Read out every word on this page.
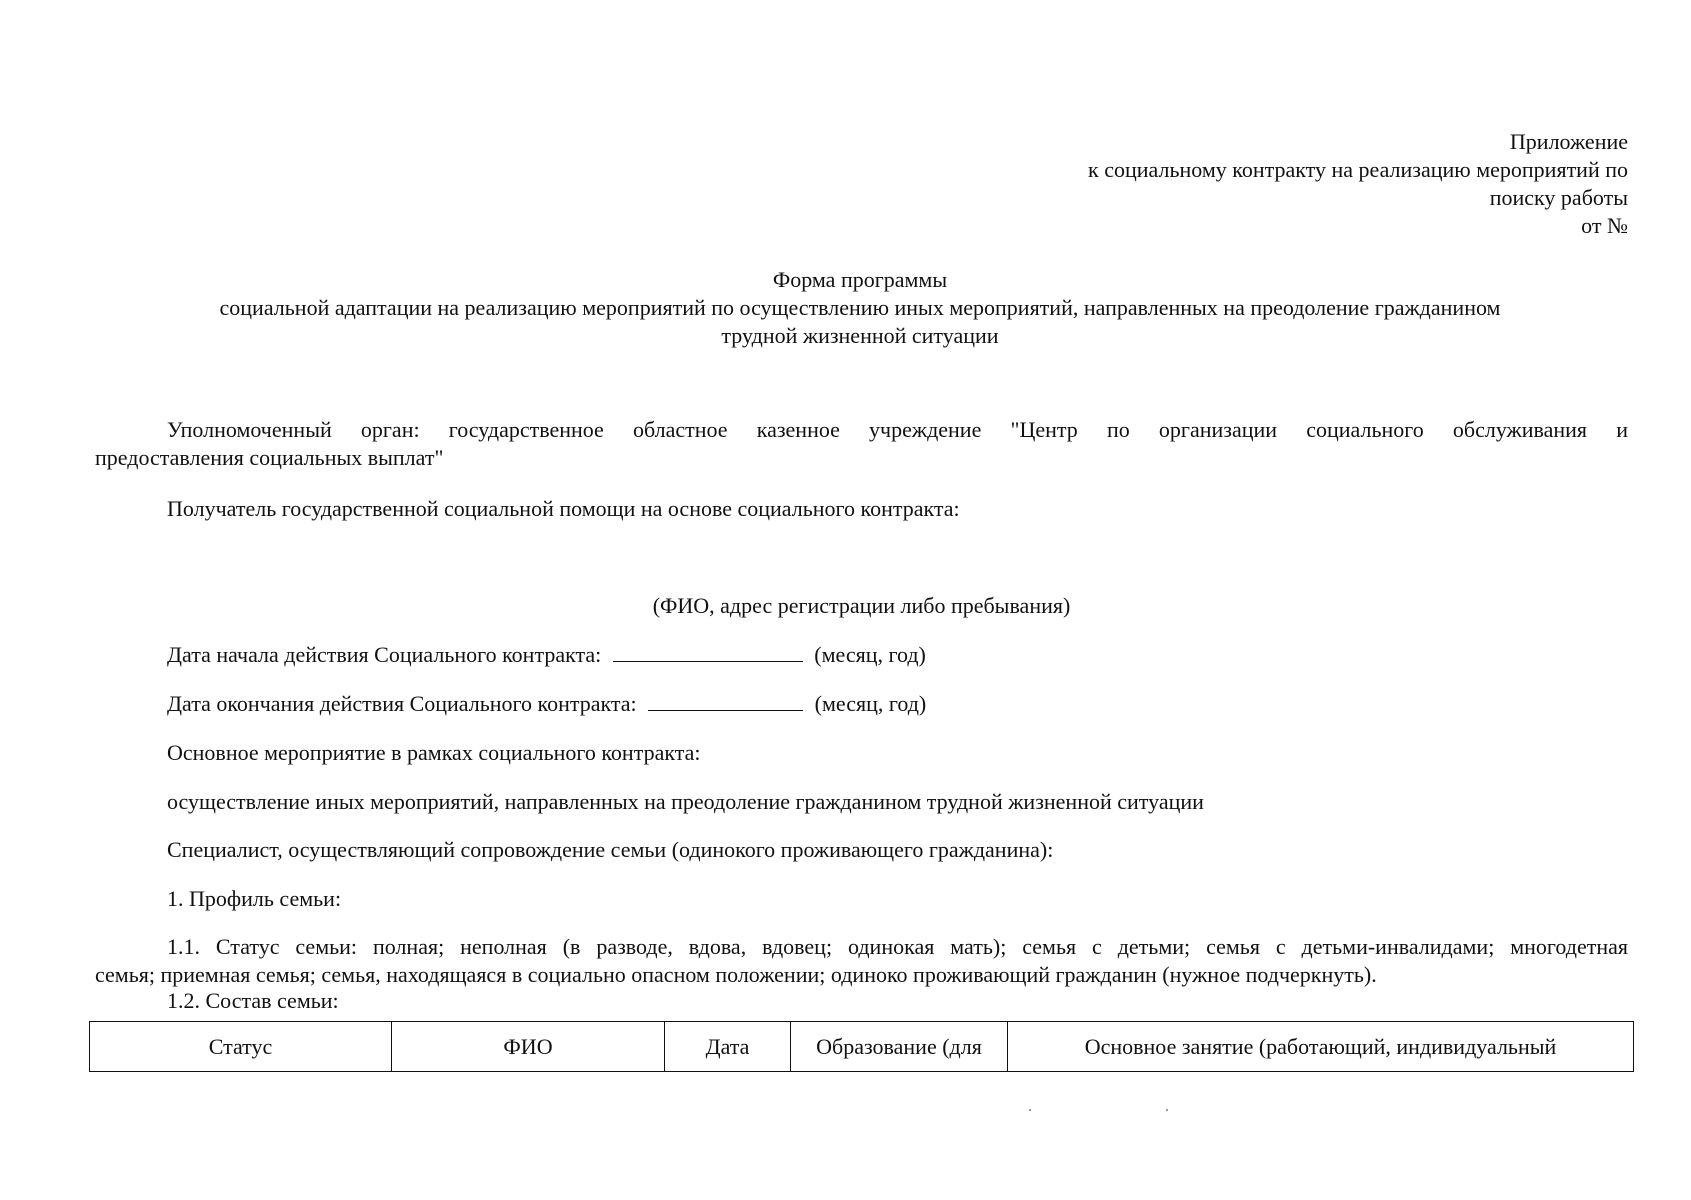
Приложение
к социальному контракту на реализацию мероприятий по
поиску работы
от №
Форма программы
социальной адаптации на реализацию мероприятий по осуществлению иных мероприятий, направленных на преодоление гражданином
трудной жизненной ситуации
Уполномоченный орган: государственное областное казенное учреждение "Центр по организации социального обслуживания и
предоставления социальных выплат"
Получатель государственной социальной помощи на основе социального контракта:
(ФИО, адрес регистрации либо пребывания)
Дата начала действия Социального контракта:	(месяц, год)
Дата окончания действия Социального контракта:	(месяц, год)
Основное мероприятие в рамках социального контракта:
осуществление иных мероприятий, направленных на преодоление гражданином трудной жизненной ситуации
Специалист, осуществляющий сопровождение семьи (одинокого проживающего гражданина):
1. Профиль семьи:
1.1. Статус семьи: полная; неполная (в разводе, вдова, вдовец; одинокая мать); семья с детьми; семья с детьми-инвалидами; многодетная
семья; приемная семья; семья, находящаяся в социально опасном положении; одиноко проживающий гражданин (нужное подчеркнуть).
1.2. Состав семьи:
Статус	ФИО	Дата	Образование (для	Основное занятие (работающий, индивидуальный
